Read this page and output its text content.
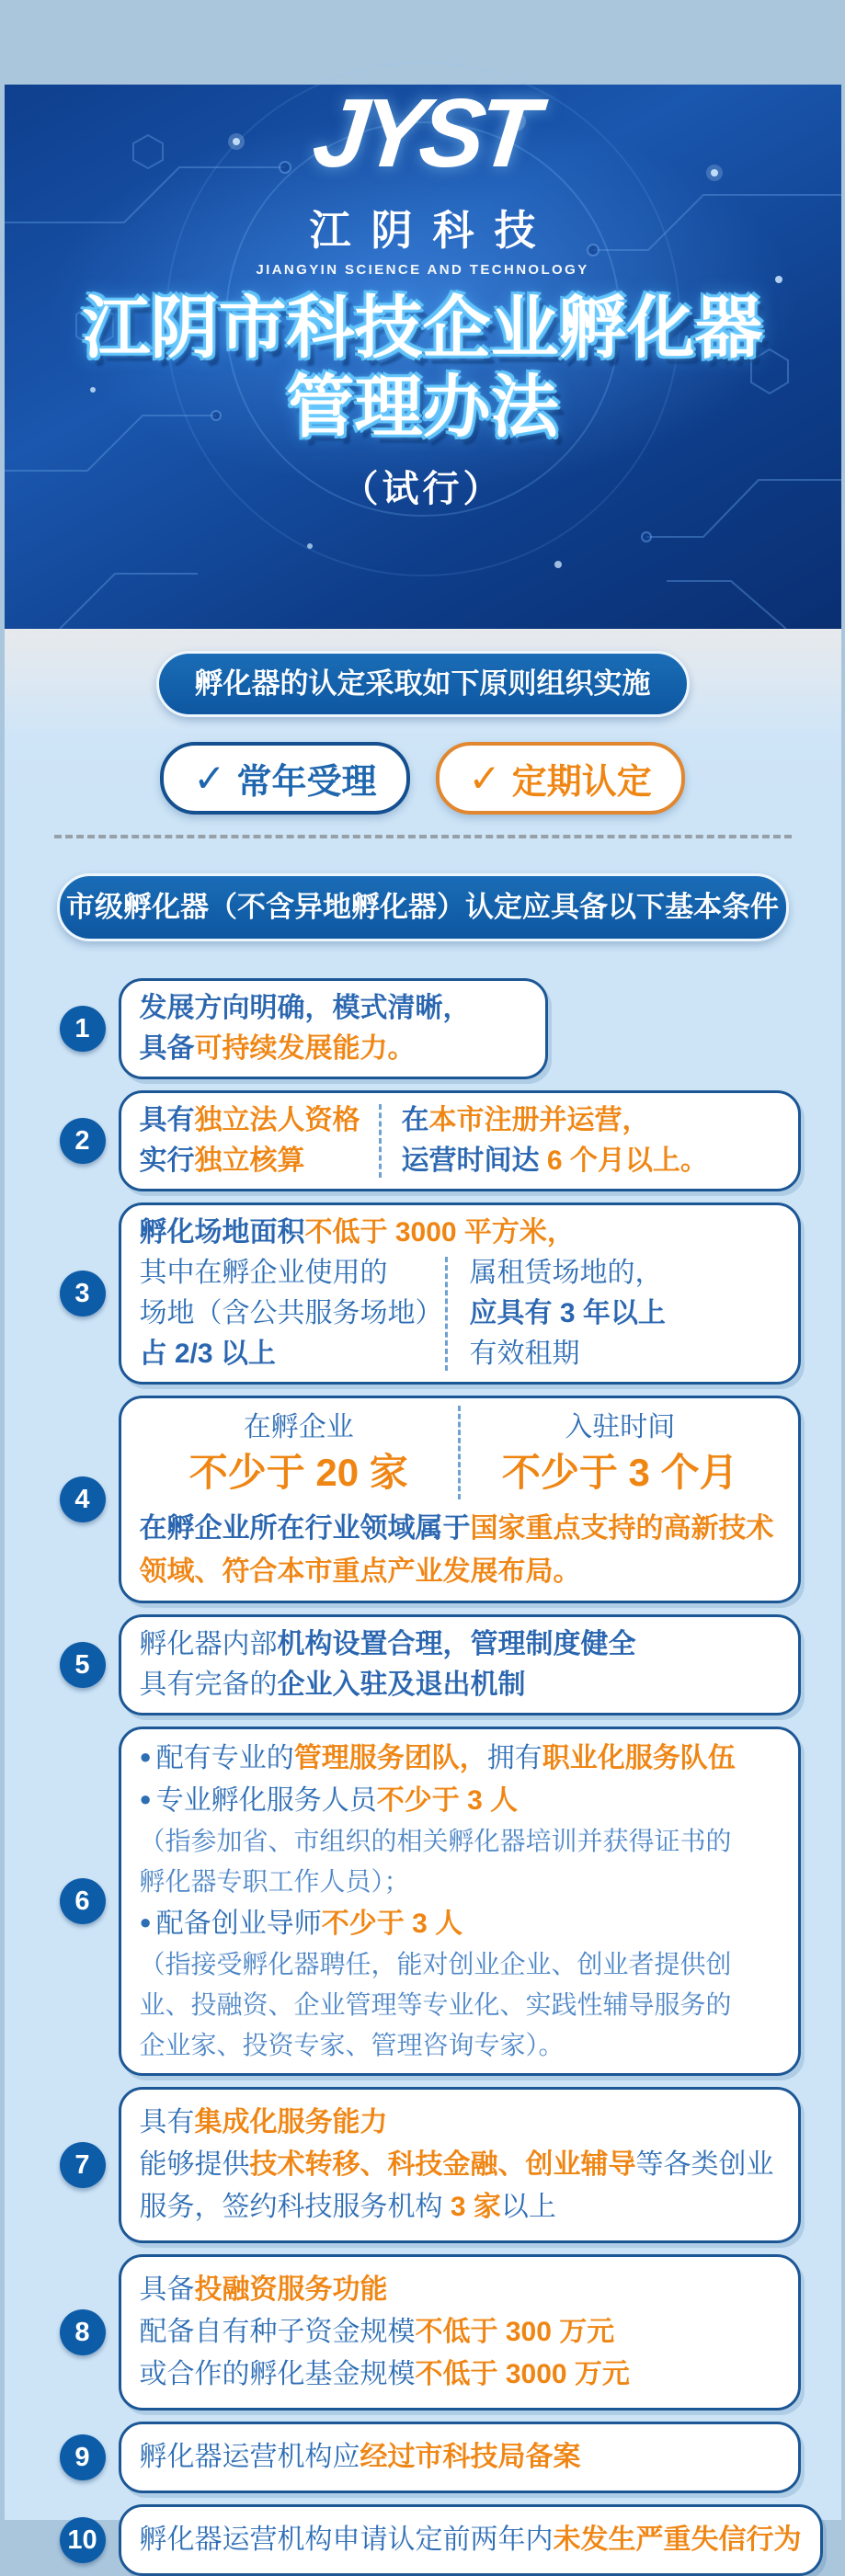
JYST
江阴科技
JIANGYIN SCIENCE AND TECHNOLOGY
江阴市科技企业孵化器
管理办法
（试行）
孵化器的认定采取如下原则组织实施
✓ 常年受理 ✓ 定期认定
市级孵化器（不含异地孵化器）认定应具备以下基本条件
1
发展方向明确，模式清晰，
具备可持续发展能力。
2
具有独立法人资格
实行独立核算
在本市注册并运营，
运营时间达 6 个月以上。
3
孵化场地面积不低于 3000 平方米，
其中在孵企业使用的
场地（含公共服务场地）
占 2/3 以上
属租赁场地的，
应具有 3 年以上
有效租期
4
在孵企业
不少于 20 家
入驻时间
不少于 3 个月
在孵企业所在行业领域属于国家重点支持的高新技术
领域、符合本市重点产业发展布局。
5
孵化器内部机构设置合理，管理制度健全
具有完备的企业入驻及退出机制
6
● 配有专业的管理服务团队，拥有职业化服务队伍
● 专业孵化服务人员不少于 3 人
（指参加省、市组织的相关孵化器培训并获得证书的
孵化器专职工作人员）；
● 配备创业导师不少于 3 人
（指接受孵化器聘任，能对创业企业、创业者提供创
业、投融资、企业管理等专业化、实践性辅导服务的
企业家、投资专家、管理咨询专家）。
7
具有集成化服务能力
能够提供技术转移、科技金融、创业辅导等各类创业
服务，签约科技服务机构 3 家以上
8
具备投融资服务功能
配备自有种子资金规模不低于 300 万元
或合作的孵化基金规模不低于 3000 万元
9	孵化器运营机构应经过市科技局备案
10 孵化器运营机构申请认定前两年内未发生严重失信行为
